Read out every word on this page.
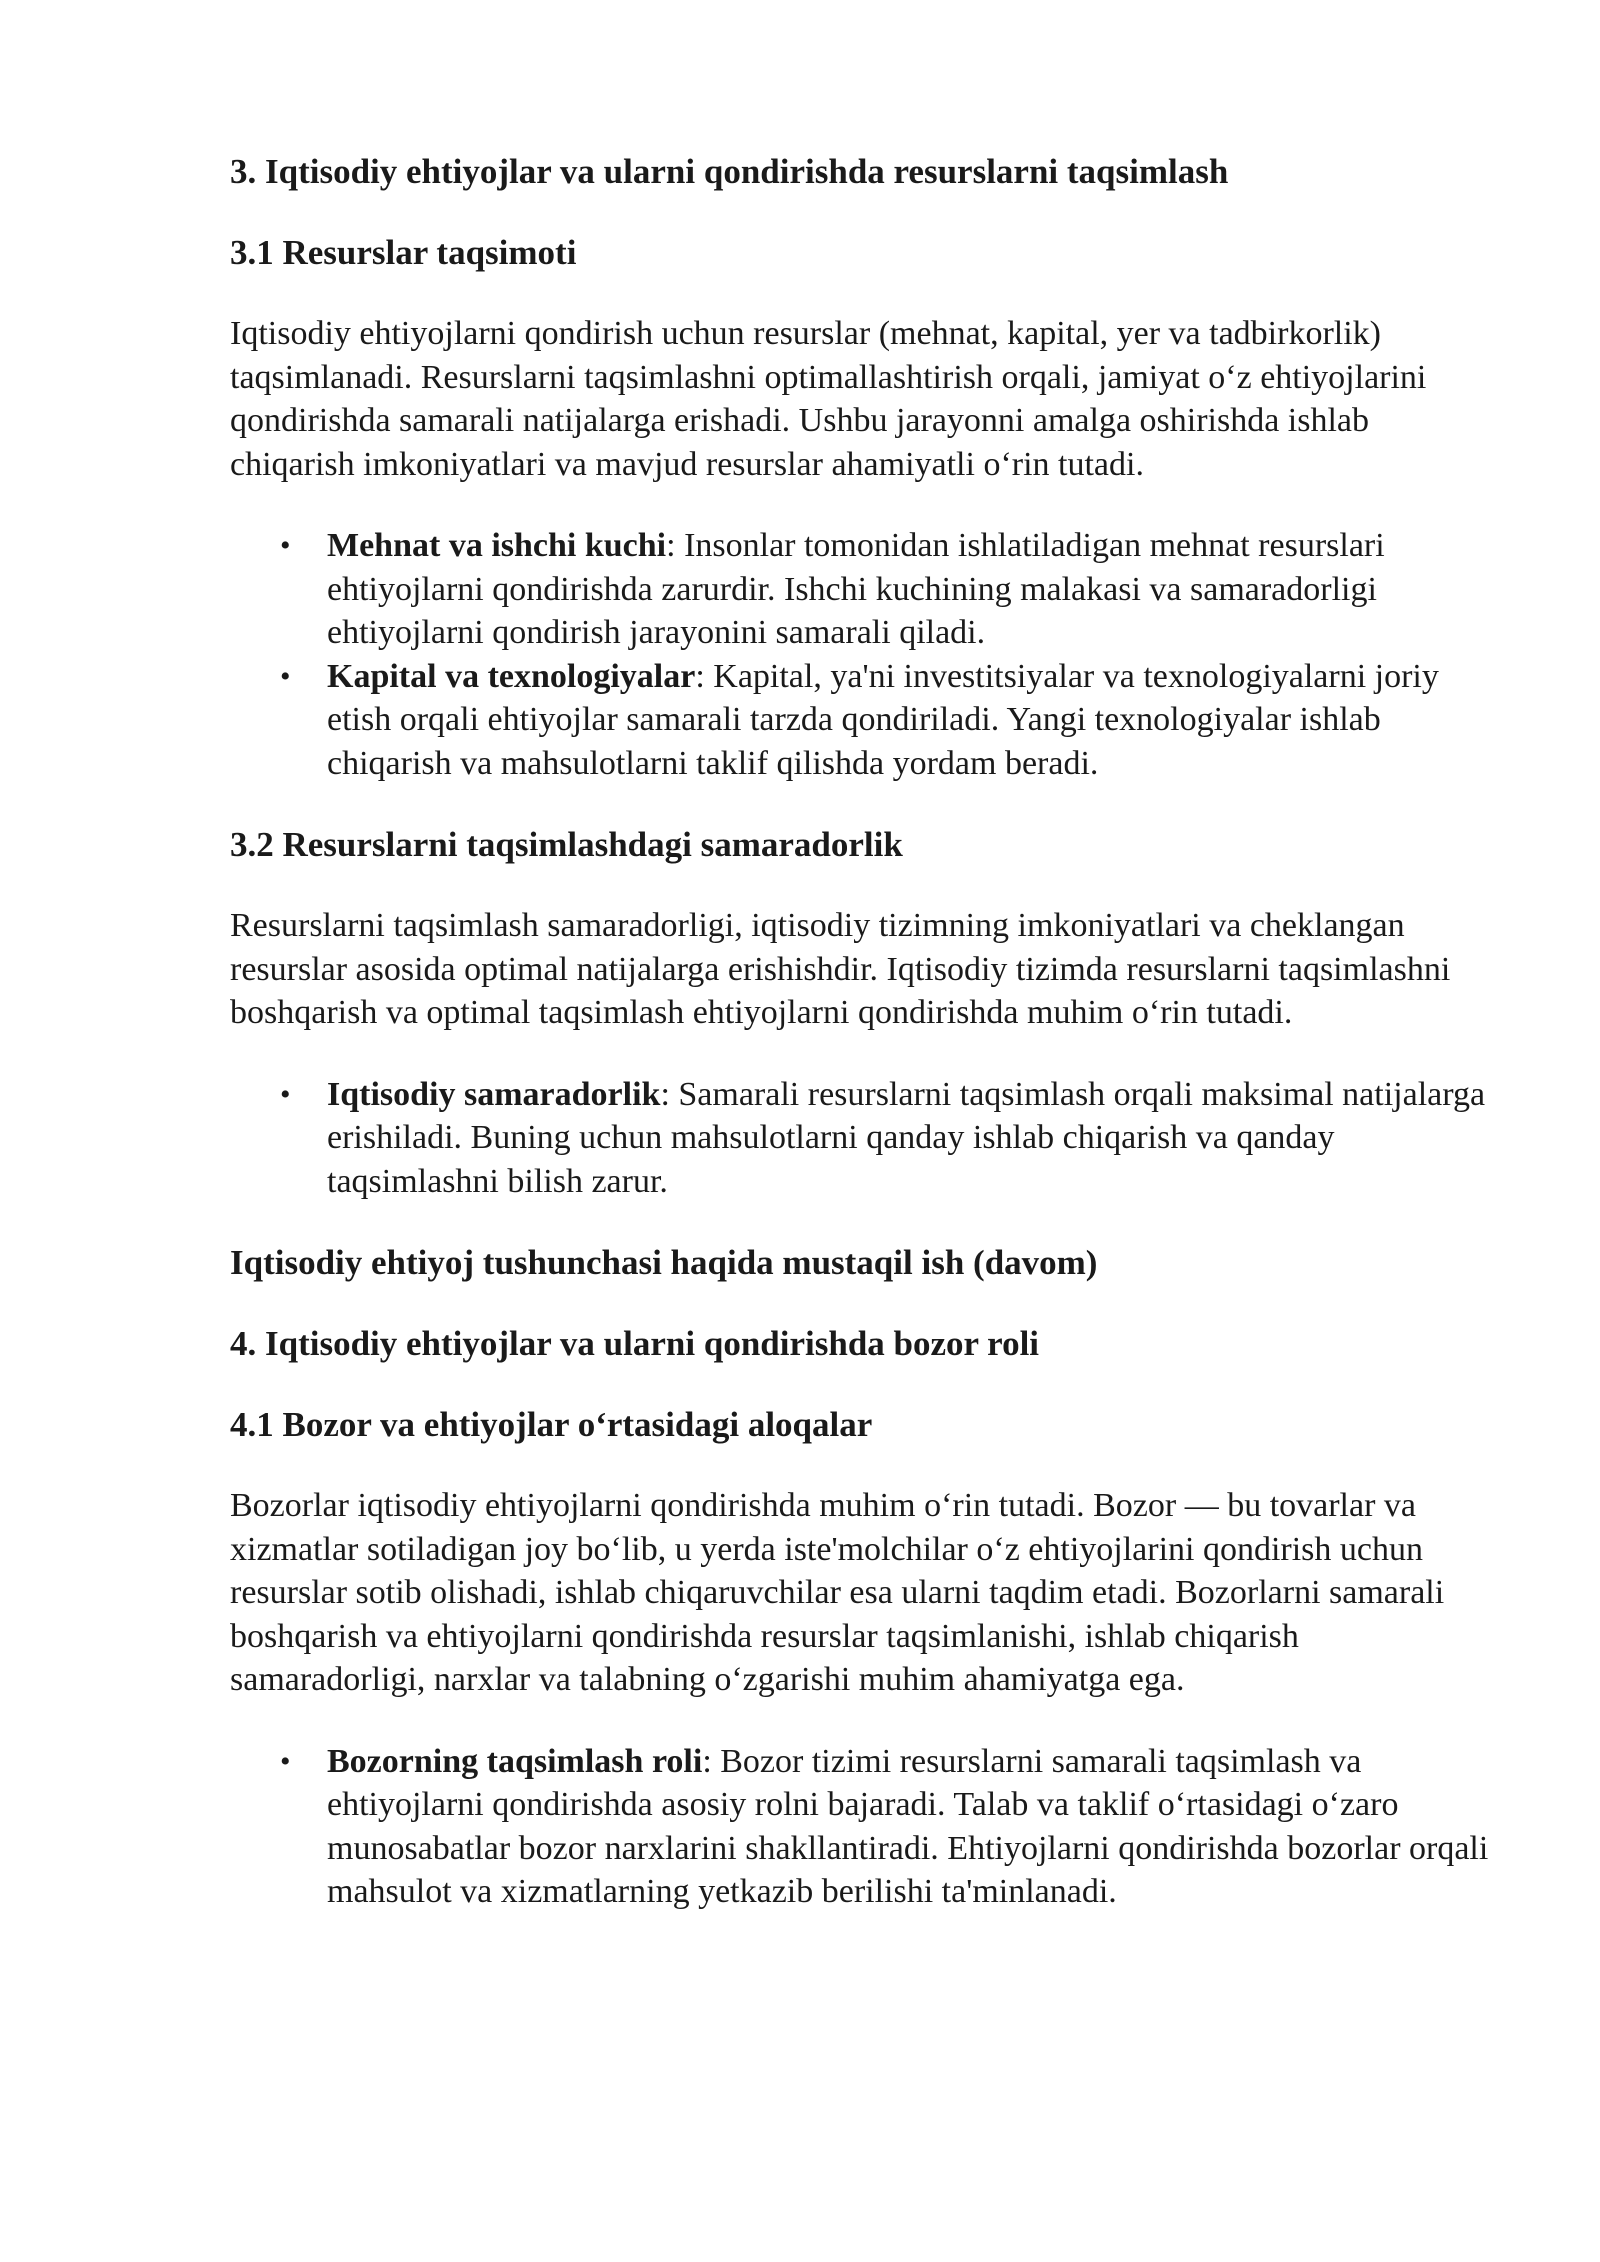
3. Iqtisodiy ehtiyojlar va ularni qondirishda resurslarni taqsimlash
3.1 Resurslar taqsimoti

Iqtisodiy ehtiyojlarni qondirish uchun resurslar (mehnat, kapital, yer va tadbirkorlik) taqsimlanadi. Resurslarni taqsimlashni optimallashtirish orqali, jamiyat o‘z ehtiyojlarini qondirishda samarali natijalarga erishadi. Ushbu jarayonni amalga oshirishda ishlab chiqarish imkoniyatlari va mavjud resurslar ahamiyatli o‘rin tutadi.

• Mehnat va ishchi kuchi: Insonlar tomonidan ishlatiladigan mehnat resurslari ehtiyojlarni qondirishda zarurdir. Ishchi kuchining malakasi va samaradorligi ehtiyojlarni qondirish jarayonini samarali qiladi.
• Kapital va texnologiyalar: Kapital, ya'ni investitsiyalar va texnologiyalarni joriy etish orqali ehtiyojlar samarali tarzda qondiriladi. Yangi texnologiyalar ishlab chiqarish va mahsulotlarni taklif qilishda yordam beradi.
3.2 Resurslarni taqsimlashdagi samaradorlik

Resurslarni taqsimlash samaradorligi, iqtisodiy tizimning imkoniyatlari va cheklangan resurslar asosida optimal natijalarga erishishdir. Iqtisodiy tizimda resurslarni taqsimlashni boshqarish va optimal taqsimlash ehtiyojlarni qondirishda muhim o‘rin tutadi.

• Iqtisodiy samaradorlik: Samarali resurslarni taqsimlash orqali maksimal natijalarga erishiladi. Buning uchun mahsulotlarni qanday ishlab chiqarish va qanday taqsimlashni bilish zarur.
Iqtisodiy ehtiyoj tushunchasi haqida mustaqil ish (davom)
4. Iqtisodiy ehtiyojlar va ularni qondirishda bozor roli
4.1 Bozor va ehtiyojlar o‘rtasidagi aloqalar

Bozorlar iqtisodiy ehtiyojlarni qondirishda muhim o‘rin tutadi. Bozor — bu tovarlar va xizmatlar sotiladigan joy bo‘lib, u yerda iste'molchilar o‘z ehtiyojlarini qondirish uchun resurslar sotib olishadi, ishlab chiqaruvchilar esa ularni taqdim etadi. Bozorlarni samarali boshqarish va ehtiyojlarni qondirishda resurslar taqsimlanishi, ishlab chiqarish samaradorligi, narxlar va talabning o‘zgarishi muhim ahamiyatga ega.

• Bozorning taqsimlash roli: Bozor tizimi resurslarni samarali taqsimlash va ehtiyojlarni qondirishda asosiy rolni bajaradi. Talab va taklif o‘rtasidagi o‘zaro munosabatlar bozor narxlarini shakllantiradi. Ehtiyojlarni qondirishda bozorlar orqali mahsulot va xizmatlarning yetkazib berilishi ta'minlanadi.
